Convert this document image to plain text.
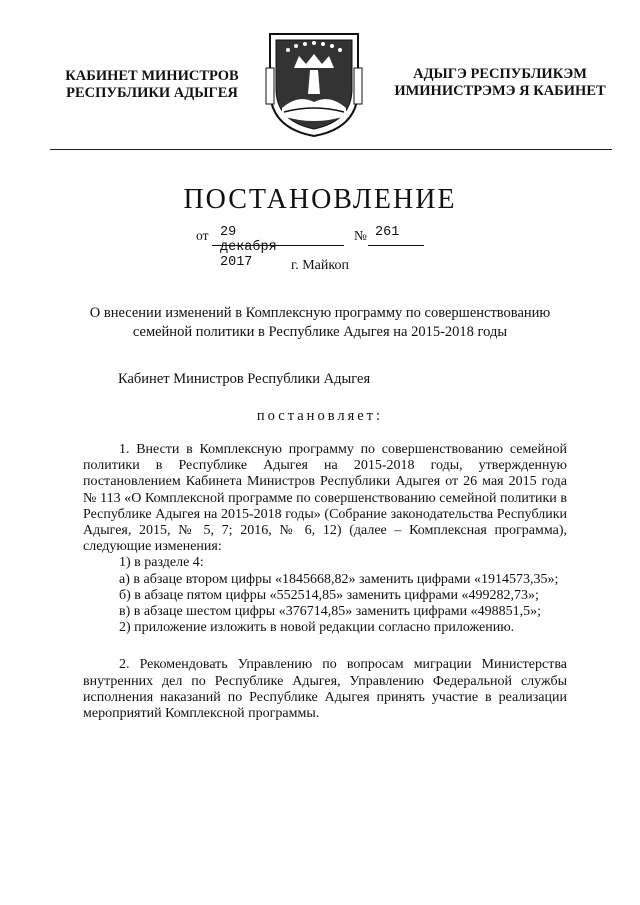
КАБИНЕТ МИНИСТРОВ
РЕСПУБЛИКИ АДЫГЕЯ
АДЫГЭ РЕСПУБЛИКЭМ
ИМИНИСТРЭМЭ Я КАБИНЕТ
ПОСТАНОВЛЕНИЕ
от 29 декабря 2017
№ 261
г. Майкоп
О внесении изменений в Комплексную программу по совершенствованию
семейной политики в Республике Адыгея на 2015-2018 годы
Кабинет Министров Республики Адыгея
постановляет:

1. Внести в Комплексную программу по совершенствованию семейной политики в Республике Адыгея на 2015-2018 годы, утвержденную постановлением Кабинета Министров Республики Адыгея от 26 мая 2015 года № 113 «О Комплексной программе по совершенствованию семейной политики в Республике Адыгея на 2015-2018 годы» (Собрание законодательства Республики Адыгея, 2015, № 5, 7; 2016, № 6, 12) (далее – Комплексная программа), следующие изменения:

1) в разделе 4:

а) в абзаце втором цифры «1845668,82» заменить цифрами «1914573,35»;

б) в абзаце пятом цифры «552514,85» заменить цифрами «499282,73»;

в) в абзаце шестом цифры «376714,85» заменить цифрами «498851,5»;

2) приложение изложить в новой редакции согласно приложению.

2. Рекомендовать Управлению по вопросам миграции Министерства внутренних дел по Республике Адыгея, Управлению Федеральной службы исполнения наказаний по Республике Адыгея принять участие в реализации мероприятий Комплексной программы.
